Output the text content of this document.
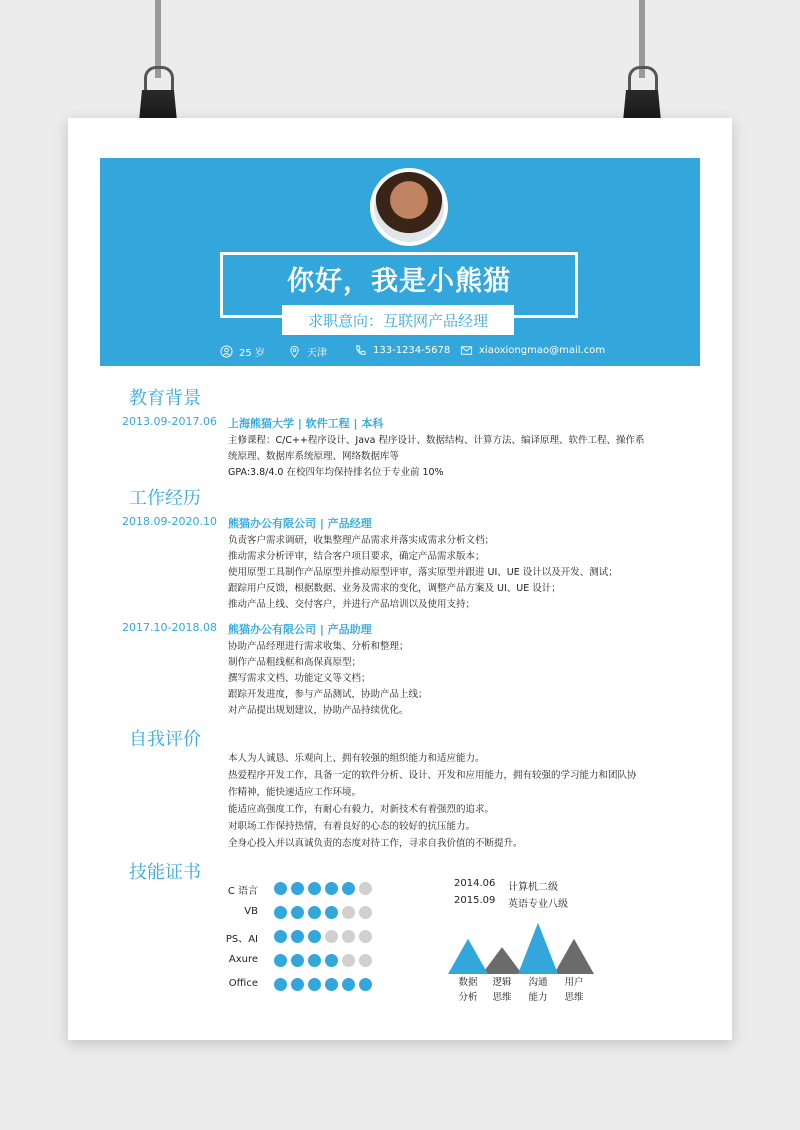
你好，我是小熊猫
求职意向：互联网产品经理
25 岁	天津	133-1234-5678	xiaoxiongmao@mail.com
教育背景
2013.09-2017.06 上海熊猫大学 | 软件工程 | 本科
主修课程：C/C++程序设计、Java 程序设计、数据结构、计算方法、编译原理、软件工程、操作系
统原理、数据库系统原理、网络数据库等
GPA:3.8/4.0 在校四年均保持排名位于专业前 10%
工作经历
2018.09-2020.10 熊猫办公有限公司 | 产品经理
负责客户需求调研，收集整理产品需求并落实成需求分析文档；
推动需求分析评审，结合客户项目要求，确定产品需求版本；
使用原型工具制作产品原型并推动原型评审，落实原型并跟进 UI、UE 设计以及开发、测试；
跟踪用户反馈，根据数据、业务及需求的变化，调整产品方案及 UI、UE 设计；
推动产品上线、交付客户，并进行产品培训以及使用支持；
2017.10-2018.08 熊猫办公有限公司 | 产品助理
协助产品经理进行需求收集、分析和整理；
制作产品粗线框和高保真原型；
撰写需求文档、功能定义等文档；
跟踪开发进度，参与产品测试，协助产品上线；
对产品提出规划建议，协助产品持续优化。
自我评价
本人为人诚恳、乐观向上、拥有较强的组织能力和适应能力。
热爱程序开发工作，具备一定的软件分析、设计、开发和应用能力，拥有较强的学习能力和团队协
作精神，能快速适应工作环境。
能适应高强度工作，有耐心有毅力，对新技术有着强烈的追求。
对职场工作保持热情，有着良好的心态的较好的抗压能力。
全身心投入并以真诚负责的态度对待工作，寻求自我价值的不断提升。
技能证书
C 语言
VB
PS、AI
Axure
Office
2014.06 计算机二级
2015.09 英语专业八级
数据
分析
逻辑
思维
沟通
能力
用户
思维
